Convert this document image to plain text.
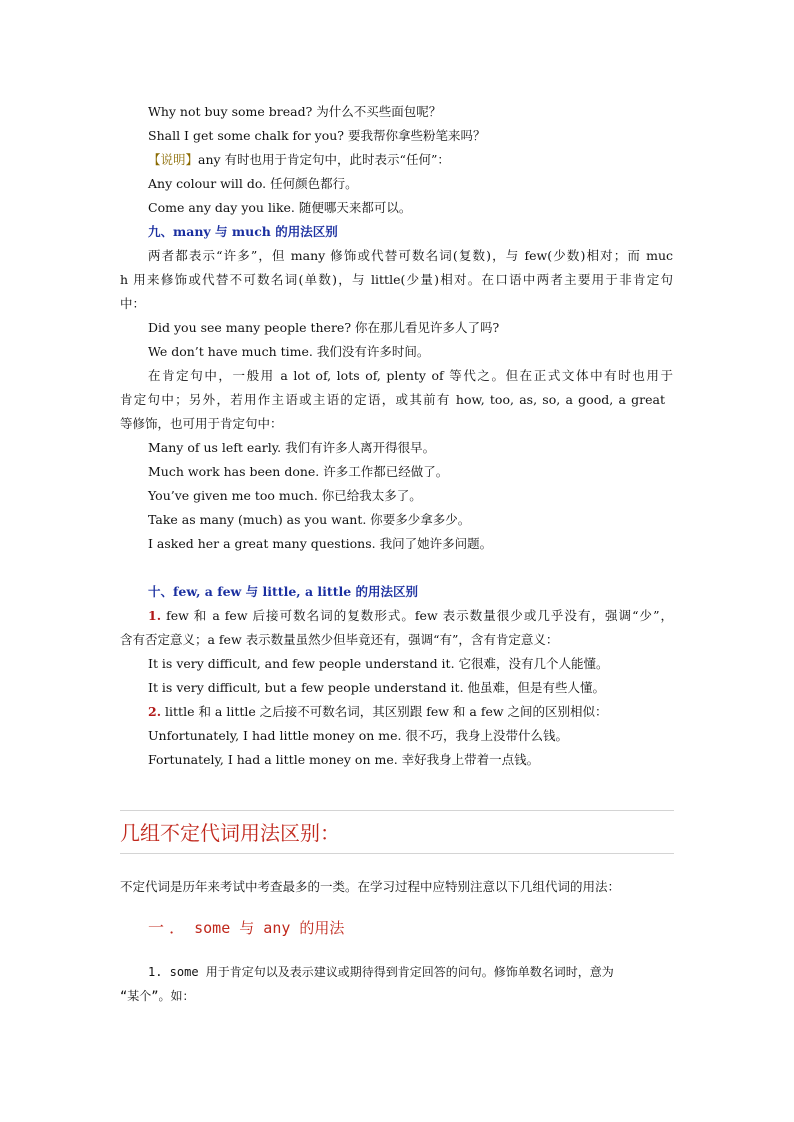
Why not buy some bread? 为什么不买些面包呢？
Shall I get some chalk for you? 要我帮你拿些粉笔来吗？
【说明】any 有时也用于肯定句中，此时表示“任何”：
Any colour will do. 任何颜色都行。
Come any day you like. 随便哪天来都可以。
九、many 与 much 的用法区别
两者都表示“许多”，但 many 修饰或代替可数名词(复数)，与 few(少数)相对；而 muc
h 用来修饰或代替不可数名词(单数)，与 little(少量)相对。在口语中两者主要用于非肯定句
中：
Did you see many people there? 你在那儿看见许多人了吗?
We don’t have much time. 我们没有许多时间。
在肯定句中，一般用 a lot of, lots of, plenty of 等代之。但在正式文体中有时也用于
肯定句中；另外，若用作主语或主语的定语，或其前有 how, too, as, so, a good, a great
等修饰，也可用于肯定句中：
Many of us left early. 我们有许多人离开得很早。
Much work has been done. 许多工作都已经做了。
You’ve given me too much. 你已给我太多了。
Take as many (much) as you want. 你要多少拿多少。
I asked her a great many questions. 我问了她许多问题。
十、few, a few 与 little, a little 的用法区别
1. few 和 a few 后接可数名词的复数形式。few 表示数量很少或几乎没有，强调“少”，
含有否定意义；a few 表示数量虽然少但毕竟还有，强调“有”，含有肯定意义：
It is very difficult, and few people understand it. 它很难，没有几个人能懂。
It is very difficult, but a few people understand it. 他虽难，但是有些人懂。
2. little 和 a little 之后接不可数名词，其区别跟 few 和 a few 之间的区别相似：
Unfortunately, I had little money on me. 很不巧，我身上没带什么钱。
Fortunately, I had a little money on me. 幸好我身上带着一点钱。
几组不定代词用法区别：
不定代词是历年来考试中考查最多的一类。在学习过程中应特别注意以下几组代词的用法：
一 ． some 与 any 的用法
1. some 用于肯定句以及表示建议或期待得到肯定回答的问句。修饰单数名词时，意为
“某个”。如：
